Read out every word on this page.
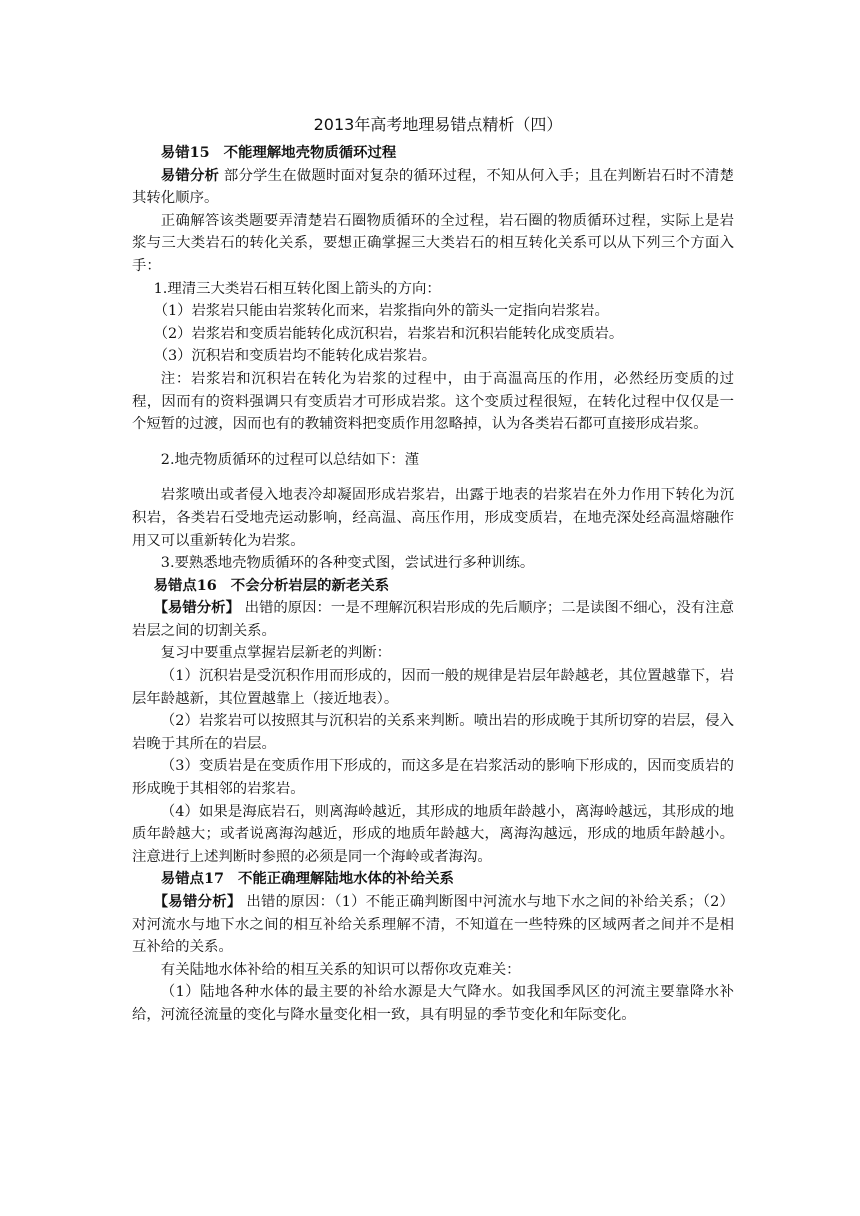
2013年高考地理易错点精析（四）

易错15 不能理解地壳物质循环过程

易错分析 部分学生在做题时面对复杂的循环过程，不知从何入手；且在判断岩石时不清楚其转化顺序。

正确解答该类题要弄清楚岩石圈物质循环的全过程，岩石圈的物质循环过程，实际上是岩浆与三大类岩石的转化关系，要想正确掌握三大类岩石的相互转化关系可以从下列三个方面入手：

1.理清三大类岩石相互转化图上箭头的方向：

（1）岩浆岩只能由岩浆转化而来，岩浆指向外的箭头一定指向岩浆岩。

（2）岩浆岩和变质岩能转化成沉积岩，岩浆岩和沉积岩能转化成变质岩。

（3）沉积岩和变质岩均不能转化成岩浆岩。

注：岩浆岩和沉积岩在转化为岩浆的过程中，由于高温高压的作用，必然经历变质的过程，因而有的资料强调只有变质岩才可形成岩浆。这个变质过程很短，在转化过程中仅仅是一个短暂的过渡，因而也有的教辅资料把变质作用忽略掉，认为各类岩石都可直接形成岩浆。

2.地壳物质循环的过程可以总结如下：漌

岩浆喷出或者侵入地表冷却凝固形成岩浆岩，出露于地表的岩浆岩在外力作用下转化为沉积岩，各类岩石受地壳运动影响，经高温、高压作用，形成变质岩，在地壳深处经高温熔融作用又可以重新转化为岩浆。

3.要熟悉地壳物质循环的各种变式图，尝试进行多种训练。

易错点16 不会分析岩层的新老关系

【易错分析】 出错的原因：一是不理解沉积岩形成的先后顺序；二是读图不细心，没有注意岩层之间的切割关系。

复习中要重点掌握岩层新老的判断：

（1）沉积岩是受沉积作用而形成的，因而一般的规律是岩层年龄越老，其位置越靠下，岩层年龄越新，其位置越靠上（接近地表）。

（2）岩浆岩可以按照其与沉积岩的关系来判断。喷出岩的形成晚于其所切穿的岩层，侵入岩晚于其所在的岩层。

（3）变质岩是在变质作用下形成的，而这多是在岩浆活动的影响下形成的，因而变质岩的形成晚于其相邻的岩浆岩。

（4）如果是海底岩石，则离海岭越近，其形成的地质年龄越小，离海岭越远，其形成的地质年龄越大；或者说离海沟越近，形成的地质年龄越大，离海沟越远，形成的地质年龄越小。注意进行上述判断时参照的必须是同一个海岭或者海沟。

易错点17 不能正确理解陆地水体的补给关系

【易错分析】 出错的原因：（1）不能正确判断图中河流水与地下水之间的补给关系；（2）对河流水与地下水之间的相互补给关系理解不清，不知道在一些特殊的区域两者之间并不是相互补给的关系。

有关陆地水体补给的相互关系的知识可以帮你攻克难关：

（1）陆地各种水体的最主要的补给水源是大气降水。如我国季风区的河流主要靠降水补给，河流径流量的变化与降水量变化相一致，具有明显的季节变化和年际变化。
